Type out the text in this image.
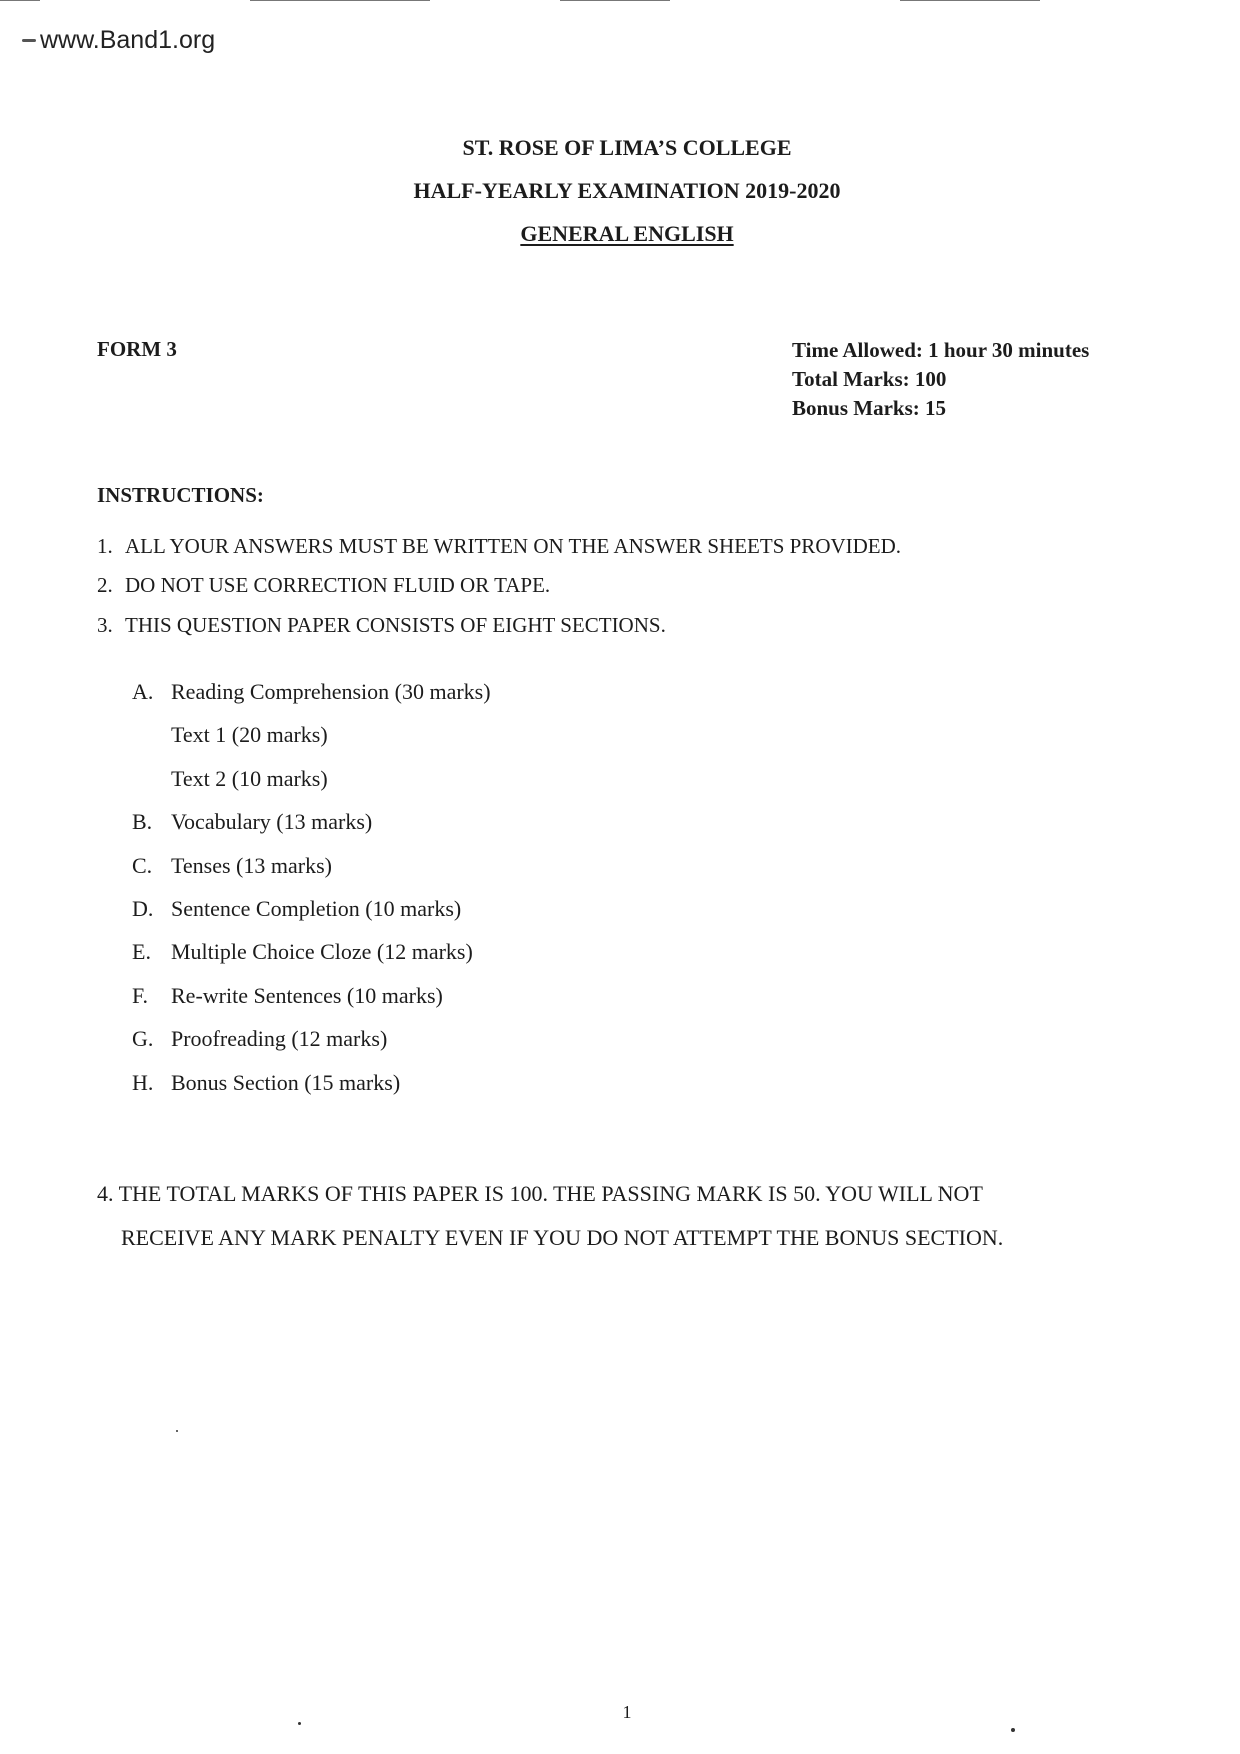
www.Band1.org
ST. ROSE OF LIMA’S COLLEGE
HALF-YEARLY EXAMINATION 2019-2020
GENERAL ENGLISH
FORM 3	Time Allowed: 1 hour 30 minutes
Total Marks: 100
Bonus Marks: 15
INSTRUCTIONS:
1. ALL YOUR ANSWERS MUST BE WRITTEN ON THE ANSWER SHEETS PROVIDED.
2. DO NOT USE CORRECTION FLUID OR TAPE.
3. THIS QUESTION PAPER CONSISTS OF EIGHT SECTIONS.
A. Reading Comprehension (30 marks)
Text 1 (20 marks)
Text 2 (10 marks)
B. Vocabulary (13 marks)
C. Tenses (13 marks)
D. Sentence Completion (10 marks)
E. Multiple Choice Cloze (12 marks)
F. Re-write Sentences (10 marks)
G. Proofreading (12 marks)
H. Bonus Section (15 marks)
4. THE TOTAL MARKS OF THIS PAPER IS 100. THE PASSING MARK IS 50. YOU WILL NOT
RECEIVE ANY MARK PENALTY EVEN IF YOU DO NOT ATTEMPT THE BONUS SECTION.
1
